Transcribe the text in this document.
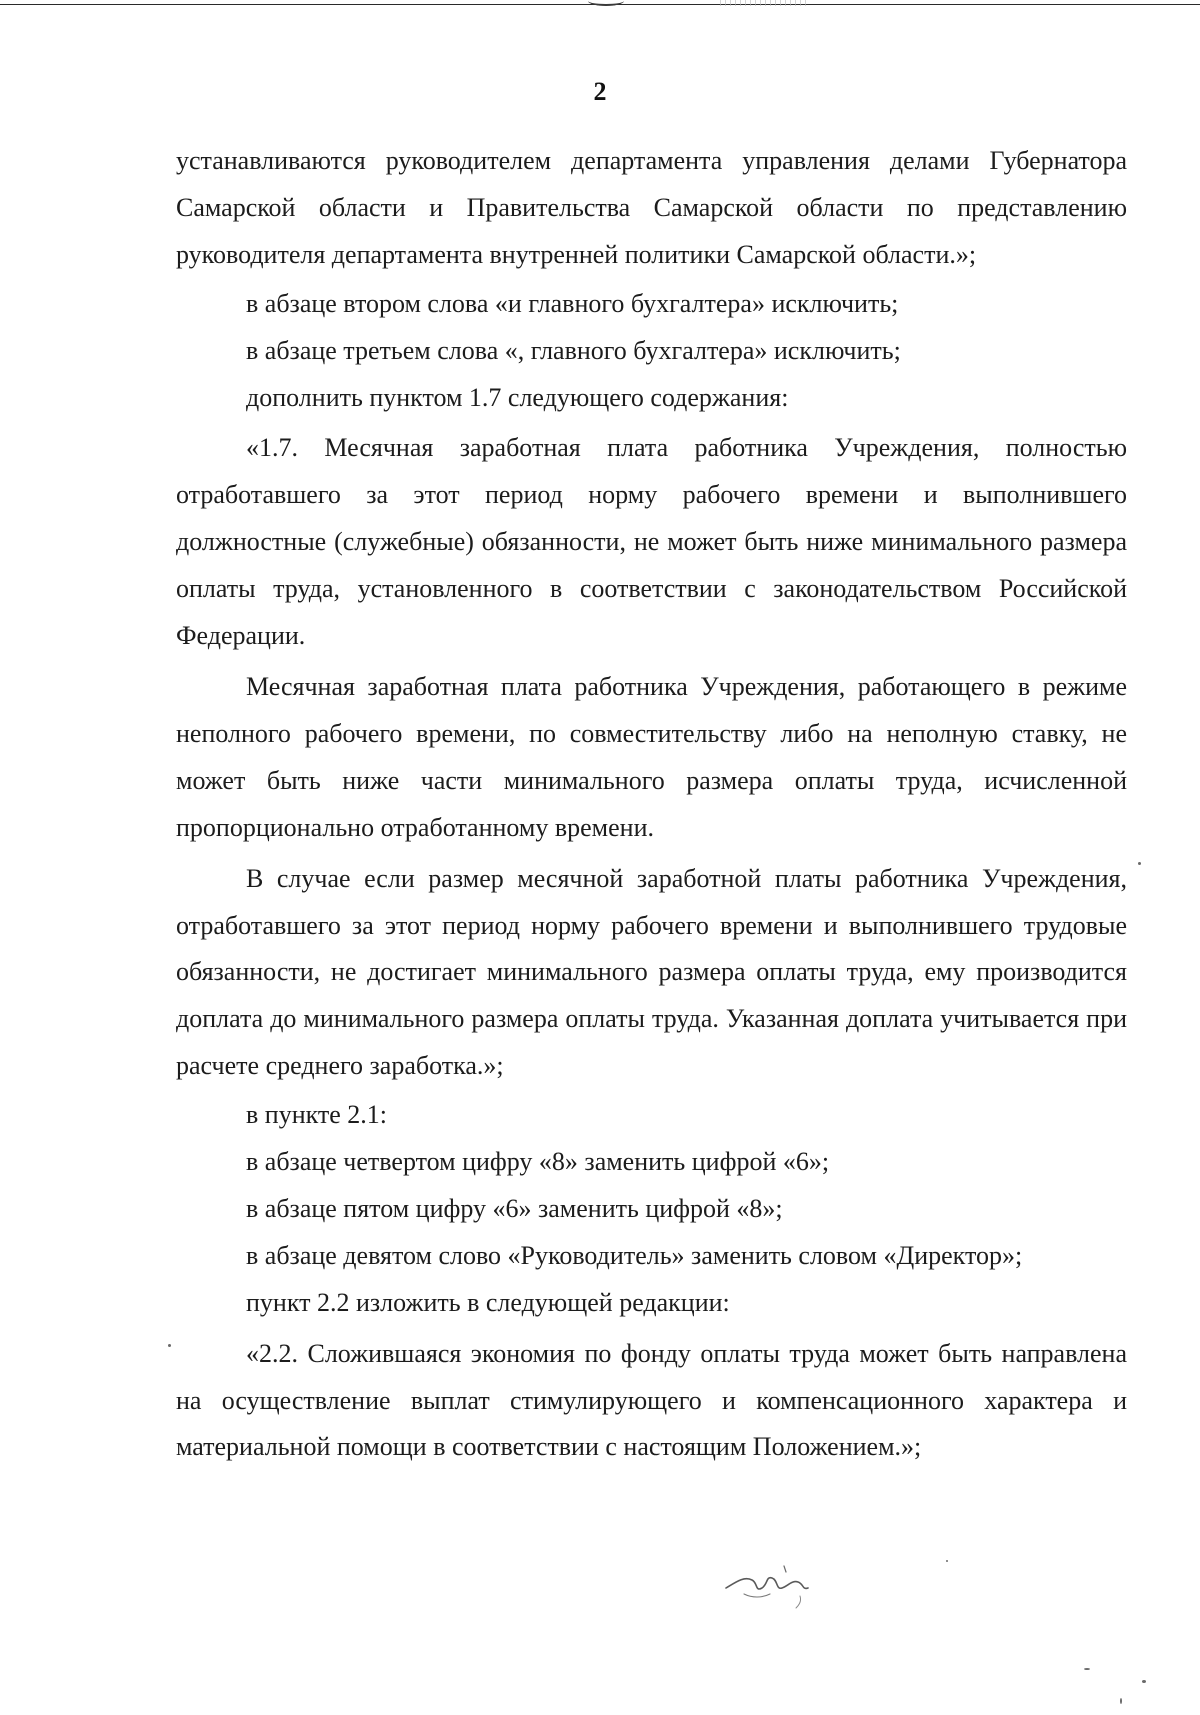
2

устанавливаются руководителем департамента управления делами Губернатора Самарской области и Правительства Самарской области по представлению руководителя департамента внутренней политики Самарской области.»;

в абзаце втором слова «и главного бухгалтера» исключить;

в абзаце третьем слова «, главного бухгалтера» исключить;

дополнить пунктом 1.7 следующего содержания:

«1.7. Месячная заработная плата работника Учреждения, полностью отработавшего за этот период норму рабочего времени и выполнившего должностные (служебные) обязанности, не может быть ниже минимального размера оплаты труда, установленного в соответствии с законодательством Российской Федерации.

Месячная заработная плата работника Учреждения, работающего в режиме неполного рабочего времени, по совместительству либо на неполную ставку, не может быть ниже части минимального размера оплаты труда, исчисленной пропорционально отработанному времени.

В случае если размер месячной заработной платы работника Учреждения, отработавшего за этот период норму рабочего времени и выполнившего трудовые обязанности, не достигает минимального размера оплаты труда, ему производится доплата до минимального размера оплаты труда. Указанная доплата учитывается при расчете среднего заработка.»;

в пункте 2.1:

в абзаце четвертом цифру «8» заменить цифрой «6»;

в абзаце пятом цифру «6» заменить цифрой «8»;

в абзаце девятом слово «Руководитель» заменить словом «Директор»;

пункт 2.2 изложить в следующей редакции:

«2.2. Сложившаяся экономия по фонду оплаты труда может быть направлена на осуществление выплат стимулирующего и компенсационного характера и материальной помощи в соответствии с настоящим Положением.»;
